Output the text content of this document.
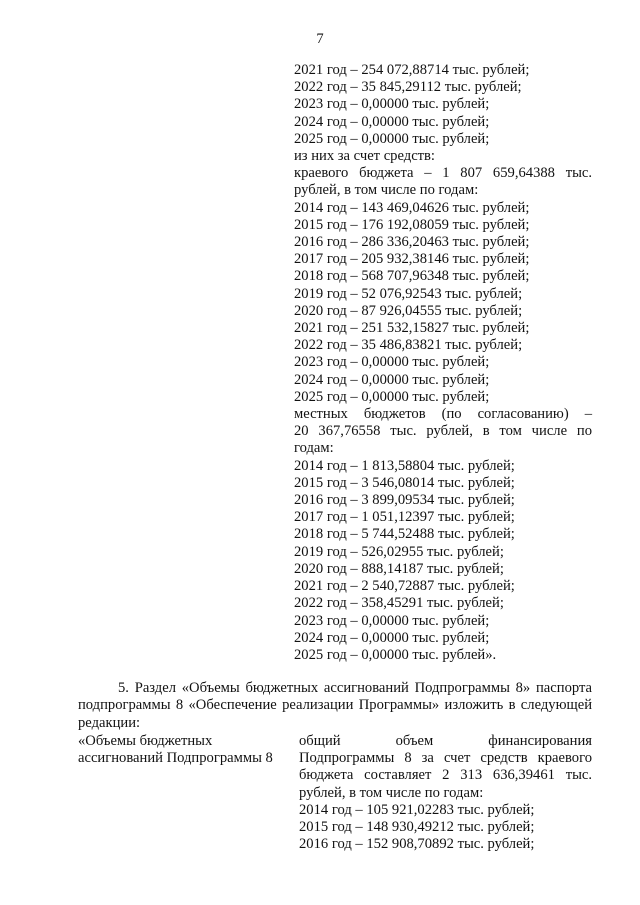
7
2021 год – 254 072,88714 тыс. рублей;
2022 год – 35 845,29112 тыс. рублей;
2023 год – 0,00000 тыс. рублей;
2024 год – 0,00000 тыс. рублей;
2025 год – 0,00000 тыс. рублей;
из них за счет средств:
краевого бюджета – 1 807 659,64388 тыс.
рублей, в том числе по годам:
2014 год – 143 469,04626 тыс. рублей;
2015 год – 176 192,08059 тыс. рублей;
2016 год – 286 336,20463 тыс. рублей;
2017 год – 205 932,38146 тыс. рублей;
2018 год – 568 707,96348 тыс. рублей;
2019 год – 52 076,92543 тыс. рублей;
2020 год – 87 926,04555 тыс. рублей;
2021 год – 251 532,15827 тыс. рублей;
2022 год – 35 486,83821 тыс. рублей;
2023 год – 0,00000 тыс. рублей;
2024 год – 0,00000 тыс. рублей;
2025 год – 0,00000 тыс. рублей;
местных бюджетов (по согласованию) –
20 367,76558 тыс. рублей, в том числе по
годам:
2014 год – 1 813,58804 тыс. рублей;
2015 год – 3 546,08014 тыс. рублей;
2016 год – 3 899,09534 тыс. рублей;
2017 год – 1 051,12397 тыс. рублей;
2018 год – 5 744,52488 тыс. рублей;
2019 год – 526,02955 тыс. рублей;
2020 год – 888,14187 тыс. рублей;
2021 год – 2 540,72887 тыс. рублей;
2022 год – 358,45291 тыс. рублей;
2023 год – 0,00000 тыс. рублей;
2024 год – 0,00000 тыс. рублей;
2025 год – 0,00000 тыс. рублей».
5. Раздел «Объемы бюджетных ассигнований Подпрограммы 8» паспорта
подпрограммы 8 «Обеспечение реализации Программы» изложить в следующей
редакции:
«Объемы бюджетных
ассигнований Подпрограммы 8
общий объем финансирования
Подпрограммы 8 за счет средств краевого
бюджета составляет 2 313 636,39461 тыс.
рублей, в том числе по годам:
2014 год – 105 921,02283 тыс. рублей;
2015 год – 148 930,49212 тыс. рублей;
2016 год – 152 908,70892 тыс. рублей;
